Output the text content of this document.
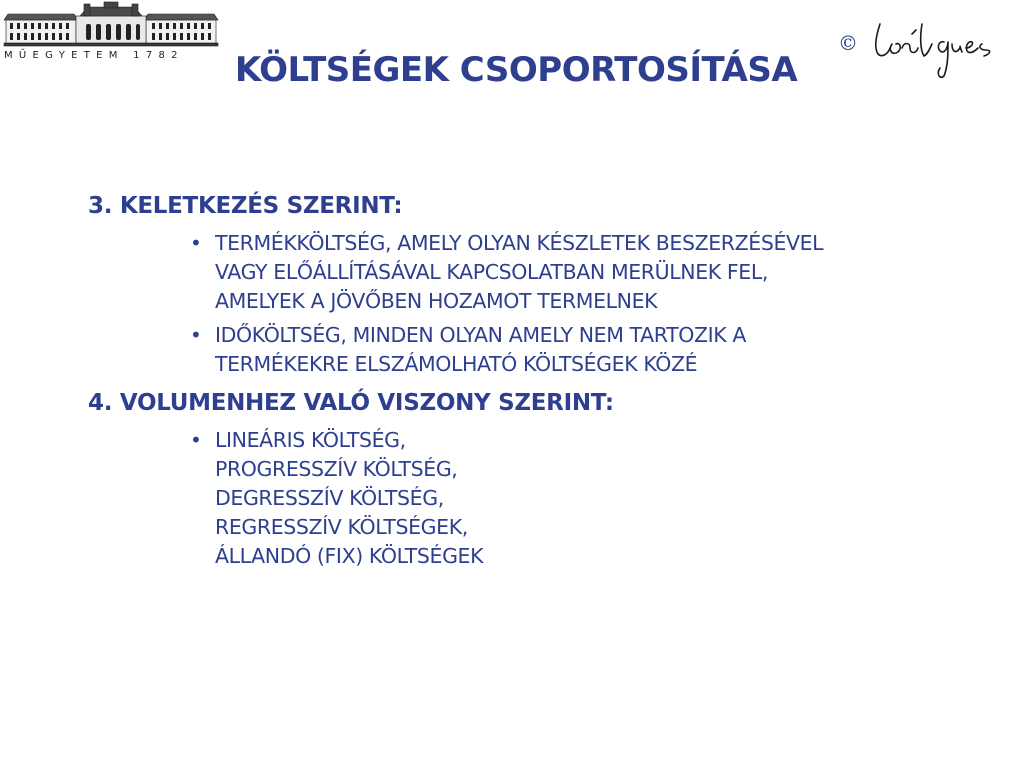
MŰEGYETEM 1782
©
KÖLTSÉGEK CSOPORTOSÍTÁSA
3. KELETKEZÉS SZERINT:
• TERMÉKKÖLTSÉG, AMELY OLYAN KÉSZLETEK BESZERZÉSÉVEL
VAGY ELŐÁLLÍTÁSÁVAL KAPCSOLATBAN MERÜLNEK FEL,
AMELYEK A JÖVŐBEN HOZAMOT TERMELNEK
• IDŐKÖLTSÉG, MINDEN OLYAN AMELY NEM TARTOZIK A
TERMÉKEKRE ELSZÁMOLHATÓ KÖLTSÉGEK KÖZÉ
4. VOLUMENHEZ VALÓ VISZONY SZERINT:
• LINEÁRIS KÖLTSÉG,
PROGRESSZÍV KÖLTSÉG,
DEGRESSZÍV KÖLTSÉG,
REGRESSZÍV KÖLTSÉGEK,
ÁLLANDÓ (FIX) KÖLTSÉGEK
